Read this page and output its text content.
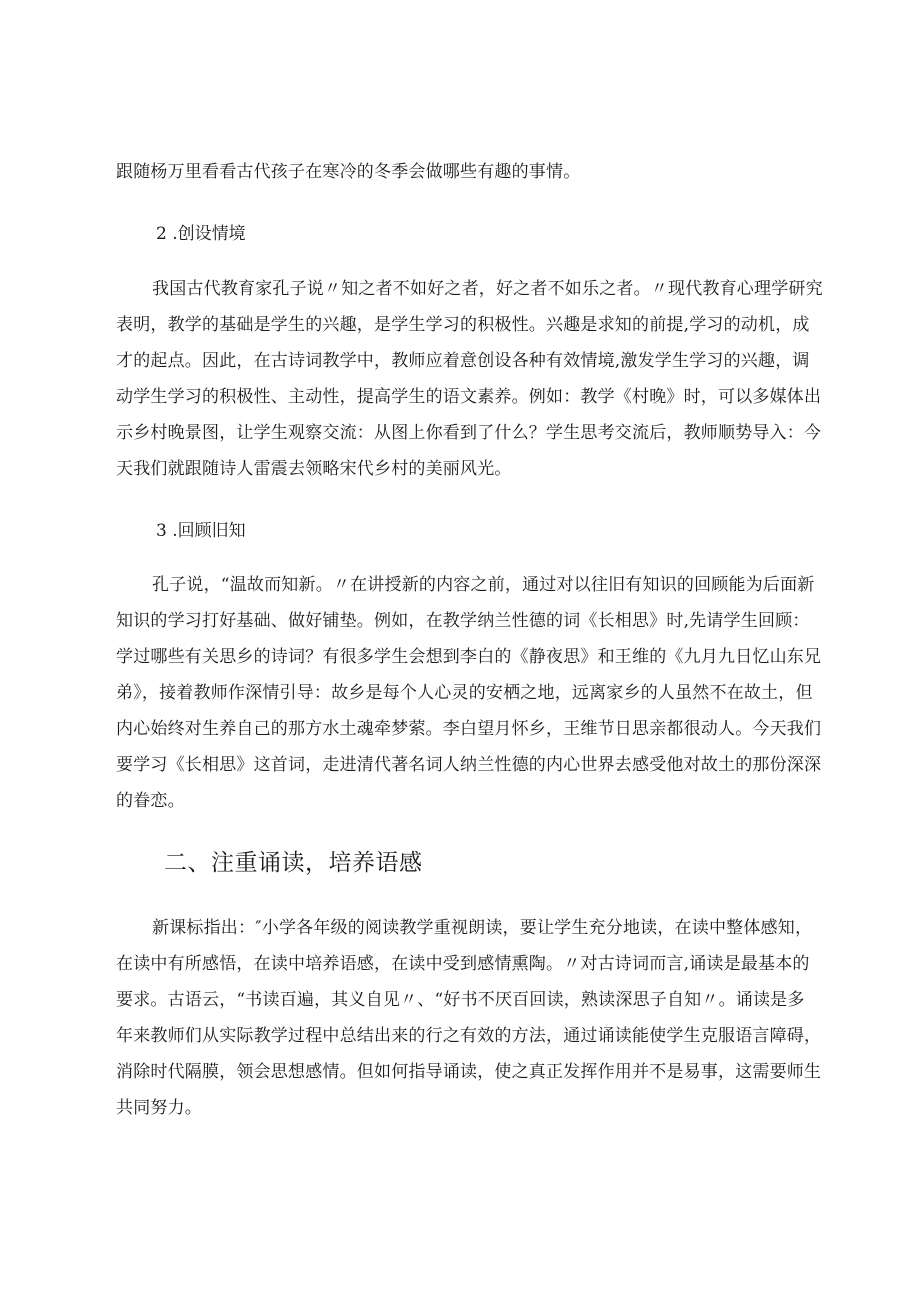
跟随杨万里看看古代孩子在寒冷的冬季会做哪些有趣的事情。
2 .创设情境
我国古代教育家孔子说〃知之者不如好之者，好之者不如乐之者。〃现代教育心理学研究
表明，教学的基础是学生的兴趣，是学生学习的积极性。兴趣是求知的前提,学习的动机，成
才的起点。因此，在古诗词教学中，教师应着意创设各种有效情境,激发学生学习的兴趣，调
动学生学习的积极性、主动性，提高学生的语文素养。例如：教学《村晚》时，可以多媒体出
示乡村晚景图，让学生观察交流：从图上你看到了什么？学生思考交流后，教师顺势导入：今
天我们就跟随诗人雷震去领略宋代乡村的美丽风光。
3 .回顾旧知
孔子说，“温故而知新。〃在讲授新的内容之前，通过对以往旧有知识的回顾能为后面新
知识的学习打好基础、做好铺垫。例如，在教学纳兰性德的词《长相思》时,先请学生回顾：
学过哪些有关思乡的诗词？有很多学生会想到李白的《静夜思》和王维的《九月九日忆山东兄
弟》，接着教师作深情引导：故乡是每个人心灵的安栖之地，远离家乡的人虽然不在故土，但
内心始终对生养自己的那方水土魂牵梦萦。李白望月怀乡，王维节日思亲都很动人。今天我们
要学习《长相思》这首词，走进清代著名词人纳兰性德的内心世界去感受他对故土的那份深深
的眷恋。
二、注重诵读，培养语感
新课标指出：″小学各年级的阅读教学重视朗读，要让学生充分地读，在读中整体感知，
在读中有所感悟，在读中培养语感，在读中受到感情熏陶。〃对古诗词而言,诵读是最基本的
要求。古语云，“书读百遍，其义自见〃、“好书不厌百回读，熟读深思子自知〃。诵读是多
年来教师们从实际教学过程中总结出来的行之有效的方法，通过诵读能使学生克服语言障碍，
消除时代隔膜，领会思想感情。但如何指导诵读，使之真正发挥作用并不是易事，这需要师生
共同努力。
